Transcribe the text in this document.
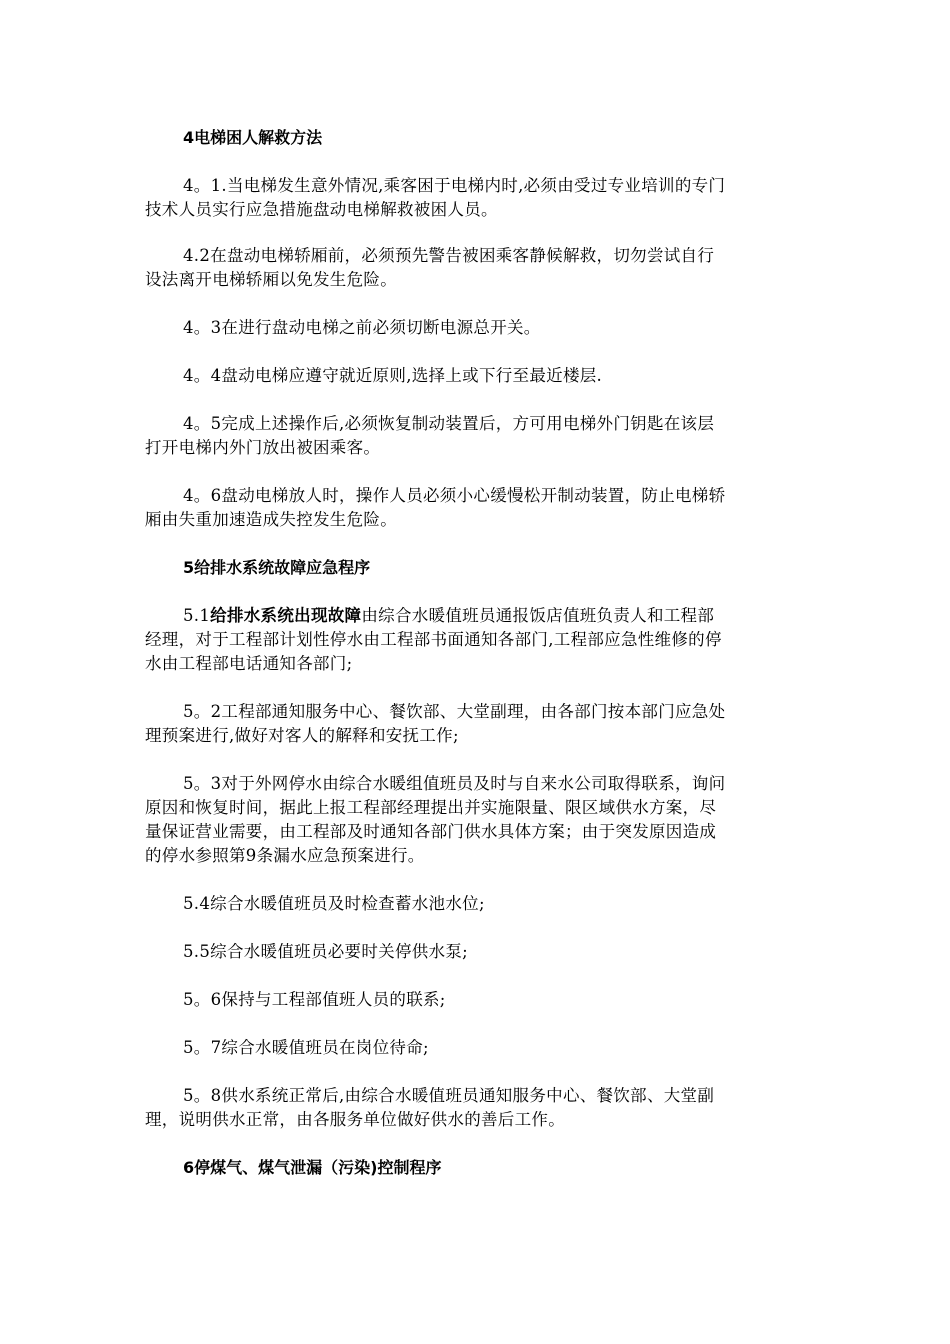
4电梯困人解救方法
4。1.当电梯发生意外情况,乘客困于电梯内时,必须由受过专业培训的专门
技术人员实行应急措施盘动电梯解救被困人员。
4.2在盘动电梯轿厢前，必须预先警告被困乘客静候解救，切勿尝试自行
设法离开电梯轿厢以免发生危险。
4。3在进行盘动电梯之前必须切断电源总开关。
4。4盘动电梯应遵守就近原则,选择上或下行至最近楼层.
4。5完成上述操作后,必须恢复制动装置后，方可用电梯外门钥匙在该层
打开电梯内外门放出被困乘客。
4。6盘动电梯放人时，操作人员必须小心缓慢松开制动装置，防止电梯轿
厢由失重加速造成失控发生危险。
5给排水系统故障应急程序
5.1给排水系统出现故障由综合水暖值班员通报饭店值班负责人和工程部
经理，对于工程部计划性停水由工程部书面通知各部门,工程部应急性维修的停
水由工程部电话通知各部门;
5。2工程部通知服务中心、餐饮部、大堂副理，由各部门按本部门应急处
理预案进行,做好对客人的解释和安抚工作;
5。3对于外网停水由综合水暖组值班员及时与自来水公司取得联系，询问
原因和恢复时间，据此上报工程部经理提出并实施限量、限区域供水方案，尽
量保证营业需要，由工程部及时通知各部门供水具体方案；由于突发原因造成
的停水参照第9条漏水应急预案进行。
5.4综合水暖值班员及时检查蓄水池水位;
5.5综合水暖值班员必要时关停供水泵;
5。6保持与工程部值班人员的联系;
5。7综合水暖值班员在岗位待命;
5。8供水系统正常后,由综合水暖值班员通知服务中心、餐饮部、大堂副
理，说明供水正常，由各服务单位做好供水的善后工作。
6停煤气、煤气泄漏（污染)控制程序
